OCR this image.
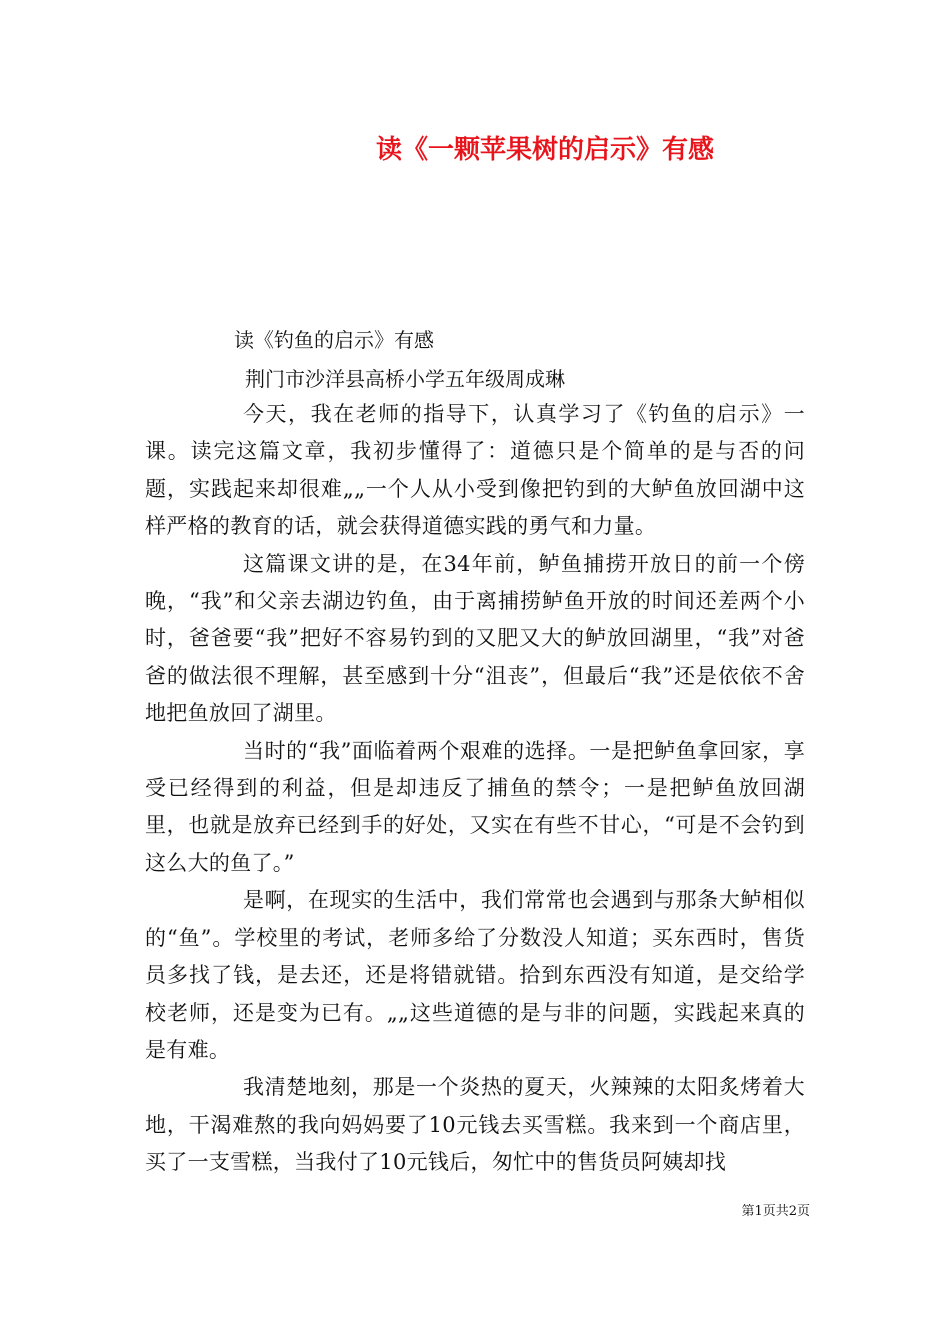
读《一颗苹果树的启示》有感
读《钓鱼的启示》有感
荆门市沙洋县高桥小学五年级周成琳

今天，我在老师的指导下，认真学习了《钓鱼的启示》一课。读完这篇文章，我初步懂得了：道德只是个简单的是与否的问题，实践起来却很难„„一个人从小受到像把钓到的大鲈鱼放回湖中这样严格的教育的话，就会获得道德实践的勇气和力量。

这篇课文讲的是，在34年前，鲈鱼捕捞开放日的前一个傍晚，“我”和父亲去湖边钓鱼，由于离捕捞鲈鱼开放的时间还差两个小时，爸爸要“我”把好不容易钓到的又肥又大的鲈放回湖里，“我”对爸爸的做法很不理解，甚至感到十分“沮丧”，但最后“我”还是依依不舍地把鱼放回了湖里。

当时的“我”面临着两个艰难的选择。一是把鲈鱼拿回家，享受已经得到的利益，但是却违反了捕鱼的禁令；一是把鲈鱼放回湖里，也就是放弃已经到手的好处，又实在有些不甘心，“可是不会钓到这么大的鱼了。”

是啊，在现实的生活中，我们常常也会遇到与那条大鲈相似的“鱼”。学校里的考试，老师多给了分数没人知道；买东西时，售货员多找了钱，是去还，还是将错就错。拾到东西没有知道，是交给学校老师，还是变为已有。„„这些道德的是与非的问题，实践起来真的是有难。

我清楚地刻，那是一个炎热的夏天，火辣辣的太阳炙烤着大地，干渴难熬的我向妈妈要了10元钱去买雪糕。我来到一个商店里，买了一支雪糕，当我付了10元钱后，匆忙中的售货员阿姨却找

第1页共2页
